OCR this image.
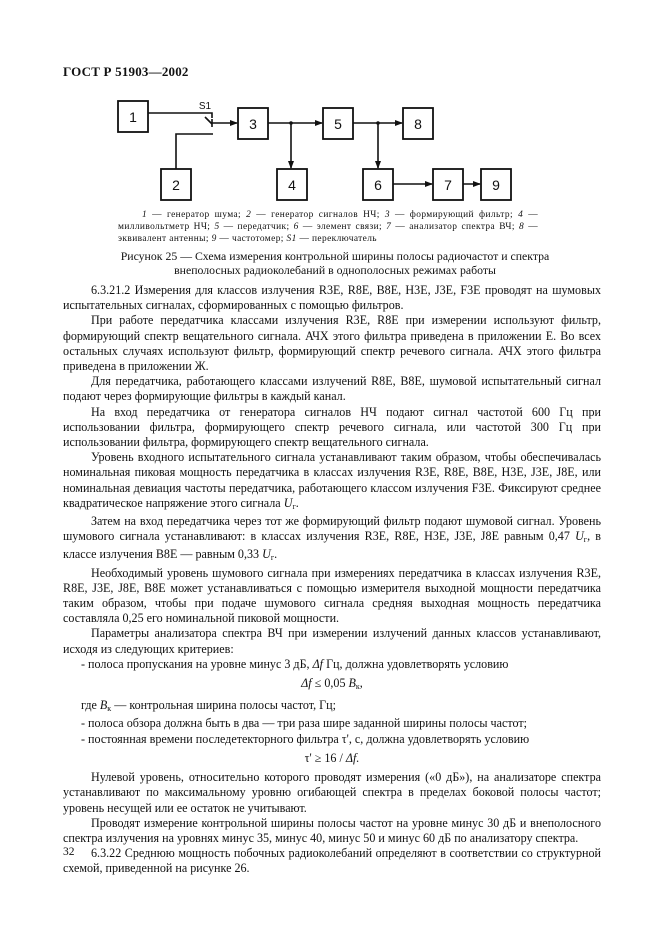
ГОСТ Р 51903—2002
1
2
3
4
5
6	7
8
9
S1
1 — генератор шума; 2 — генератор сигналов НЧ; 3 — формирующий фильтр; 4 — милливольтметр НЧ; 5 — передатчик; 6 — элемент связи; 7 — анализатор спектра ВЧ; 8 — эквивалент антенны; 9 — частотомер; S1 — переключатель
Рисунок 25 — Схема измерения контрольной ширины полосы радиочастот и спектра
внеполосных радиоколебаний в однополосных режимах работы

6.3.21.2 Измерения для классов излучения R3E, R8E, B8E, H3E, J3E, F3E проводят на шумовых испытательных сигналах, сформированных с помощью фильтров.

При работе передатчика классами излучения R3E, R8E при измерении используют фильтр, формирующий спектр вещательного сигнала. АЧХ этого фильтра приведена в приложении Е. Во всех остальных случаях используют фильтр, формирующий спектр речевого сигнала. АЧХ этого фильтра приведена в приложении Ж.

Для передатчика, работающего классами излучений R8E, B8E, шумовой испытательный сигнал подают через формирующие фильтры в каждый канал.

На вход передатчика от генератора сигналов НЧ подают сигнал частотой 600 Гц при использовании фильтра, формирующего спектр речевого сигнала, или частотой 300 Гц при использовании фильтра, формирующего спектр вещательного сигнала.

Уровень входного испытательного сигнала устанавливают таким образом, чтобы обеспечивалась номинальная пиковая мощность передатчика в классах излучения R3E, R8E, B8E, H3E, J3E, J8E, или номинальная девиация частоты передатчика, работающего классом излучения F3E. Фиксируют среднее квадратическое напряжение этого сигнала $U_г$.

Затем на вход передатчика через тот же формирующий фильтр подают шумовой сигнал. Уровень шумового сигнала устанавливают: в классах излучения R3E, R8E, H3E, J3E, J8E равным 0,47 $U_г$, в классе излучения B8E — равным 0,33 $U_г$.

Необходимый уровень шумового сигнала при измерениях передатчика в классах излучения R3E, R8E, J3E, J8E, B8E может устанавливаться с помощью измерителя выходной мощности передатчика таким образом, чтобы при подаче шумового сигнала средняя выходная мощность передатчика составляла 0,25 его номинальной пиковой мощности.

Параметры анализатора спектра ВЧ при измерении излучений данных классов устанавливают, исходя из следующих критериев:

- полоса пропускания на уровне минус 3 дБ, Δf Гц, должна удовлетворять условию

Δf ≤ 0,05 $B_к$,

где $B_к$ — контрольная ширина полосы частот, Гц;

- полоса обзора должна быть в два — три раза шире заданной ширины полосы частот;

- постоянная времени последетекторного фильтра τ', с, должна удовлетворять условию

τ' ≥ 16 / Δf.

Нулевой уровень, относительно которого проводят измерения («0 дБ»), на анализаторе спектра устанавливают по максимальному уровню огибающей спектра в пределах боковой полосы частот; уровень несущей или ее остаток не учитывают.

Проводят измерение контрольной ширины полосы частот на уровне минус 30 дБ и внеполосного спектра излучения на уровнях минус 35, минус 40, минус 50 и минус 60 дБ по анализатору спектра.

6.3.22 Среднюю мощность побочных радиоколебаний определяют в соответствии со структурной схемой, приведенной на рисунке 26.

32
